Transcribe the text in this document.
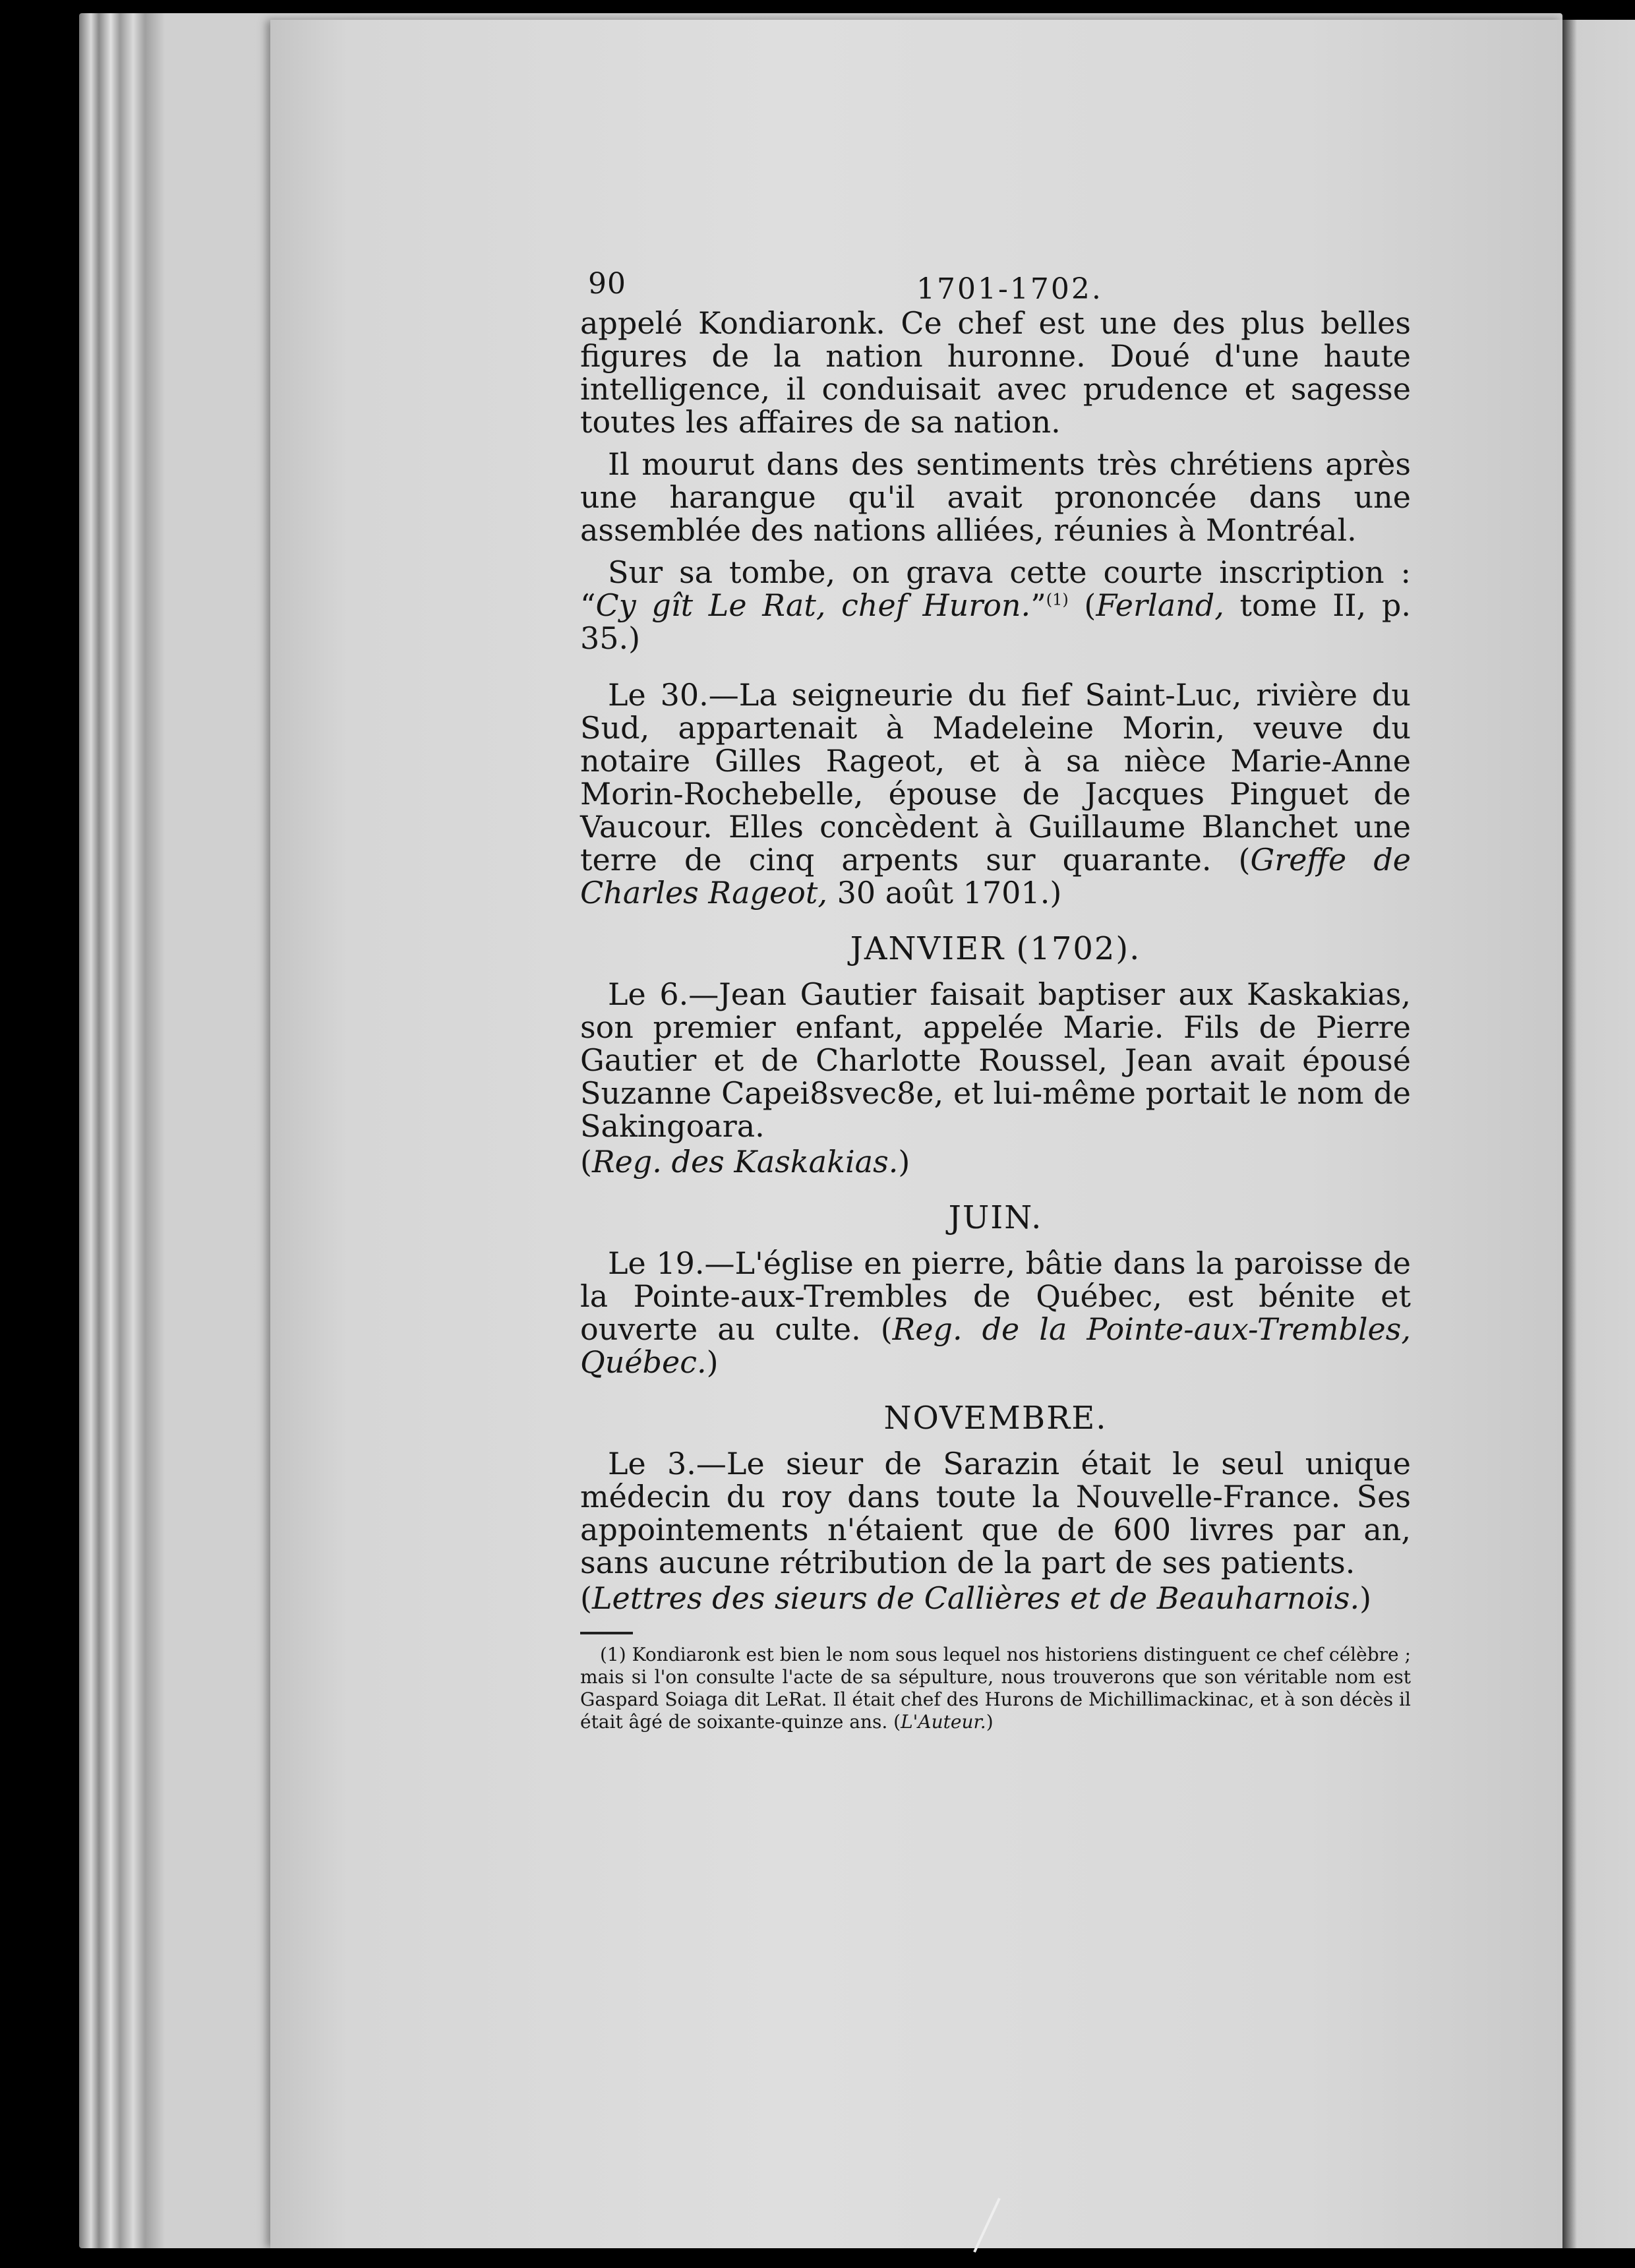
90	1701-1702.

appelé Kondiaronk. Ce chef est une des plus belles figures de la nation huronne. Doué d'une haute intelligence, il conduisait avec prudence et sagesse toutes les affaires de sa nation.

Il mourut dans des sentiments très chrétiens après une harangue qu'il avait prononcée dans une assemblée des nations alliées, réunies à Montréal.

Sur sa tombe, on grava cette courte inscription : “Cy gît Le Rat, chef Huron.”$^{(1)}$ (Ferland, tome II, p. 35.)

Le 30.—La seigneurie du fief Saint-Luc, rivière du Sud, appartenait à Madeleine Morin, veuve du notaire Gilles Rageot, et à sa nièce Marie-Anne Morin-Rochebelle, épouse de Jacques Pinguet de Vaucour. Elles concèdent à Guillaume Blanchet une terre de cinq arpents sur quarante. (Greffe de Charles Rageot, 30 août 1701.)

JANVIER (1702).

Le 6.—Jean Gautier faisait baptiser aux Kaskakias, son premier enfant, appelée Marie. Fils de Pierre Gautier et de Charlotte Roussel, Jean avait épousé Suzanne Capei8svec8e, et lui-même portait le nom de Sakingoara.

(Reg. des Kaskakias.)

JUIN.

Le 19.—L'église en pierre, bâtie dans la paroisse de la Pointe-aux-Trembles de Québec, est bénite et ouverte au culte. (Reg. de la Pointe-aux-Trembles, Québec.)

NOVEMBRE.

Le 3.—Le sieur de Sarazin était le seul unique médecin du roy dans toute la Nouvelle-France. Ses appointements n'étaient que de 600 livres par an, sans aucune rétribution de la part de ses patients.

(Lettres des sieurs de Callières et de Beauharnois.)

(1) Kondiaronk est bien le nom sous lequel nos historiens distinguent ce chef célèbre ; mais si l'on consulte l'acte de sa sépulture, nous trouverons que son véritable nom est Gaspard Soiaga dit LeRat. Il était chef des Hurons de Michillimackinac, et à son décès il était âgé de soixante-quinze ans. (L'Auteur.)
